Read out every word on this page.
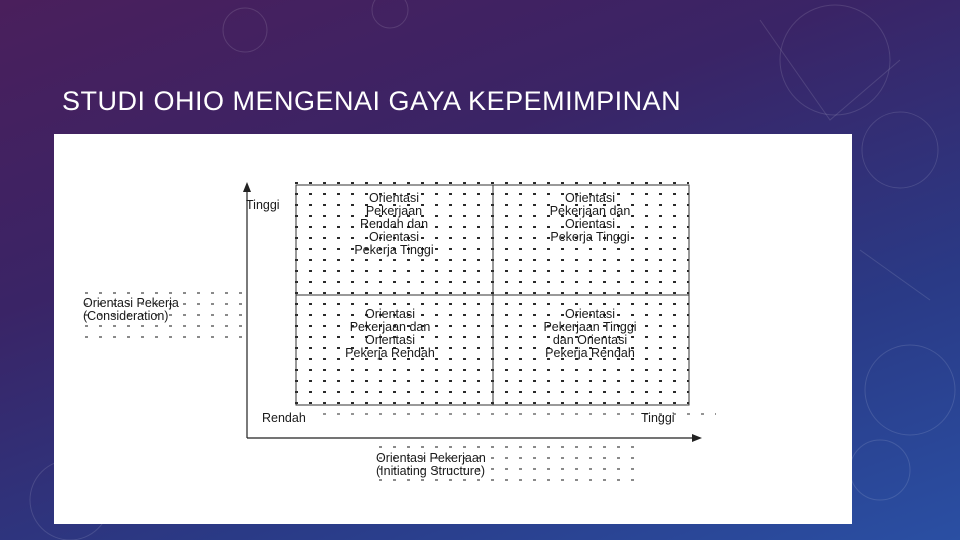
STUDI OHIO MENGENAI GAYA KEPEMIMPINAN
Tinggi
Orientasi Pekerja
(Consideration)
Rendah	Tinggi
Orientasi Pekerjaan
(Initiating Structure)
Orientasi
Pekerjaan
Rendah dan
Orientasi
Pekerja Tinggi
Orientasi
Pekerjaan dan
Orientasi
Pekerja Tinggi
Orientasi
Pekerjaan dan
Orientasi
Pekerja Rendah
Orientasi
Pekerjaan Tinggi
dan Orientasi
Pekerja Rendah
